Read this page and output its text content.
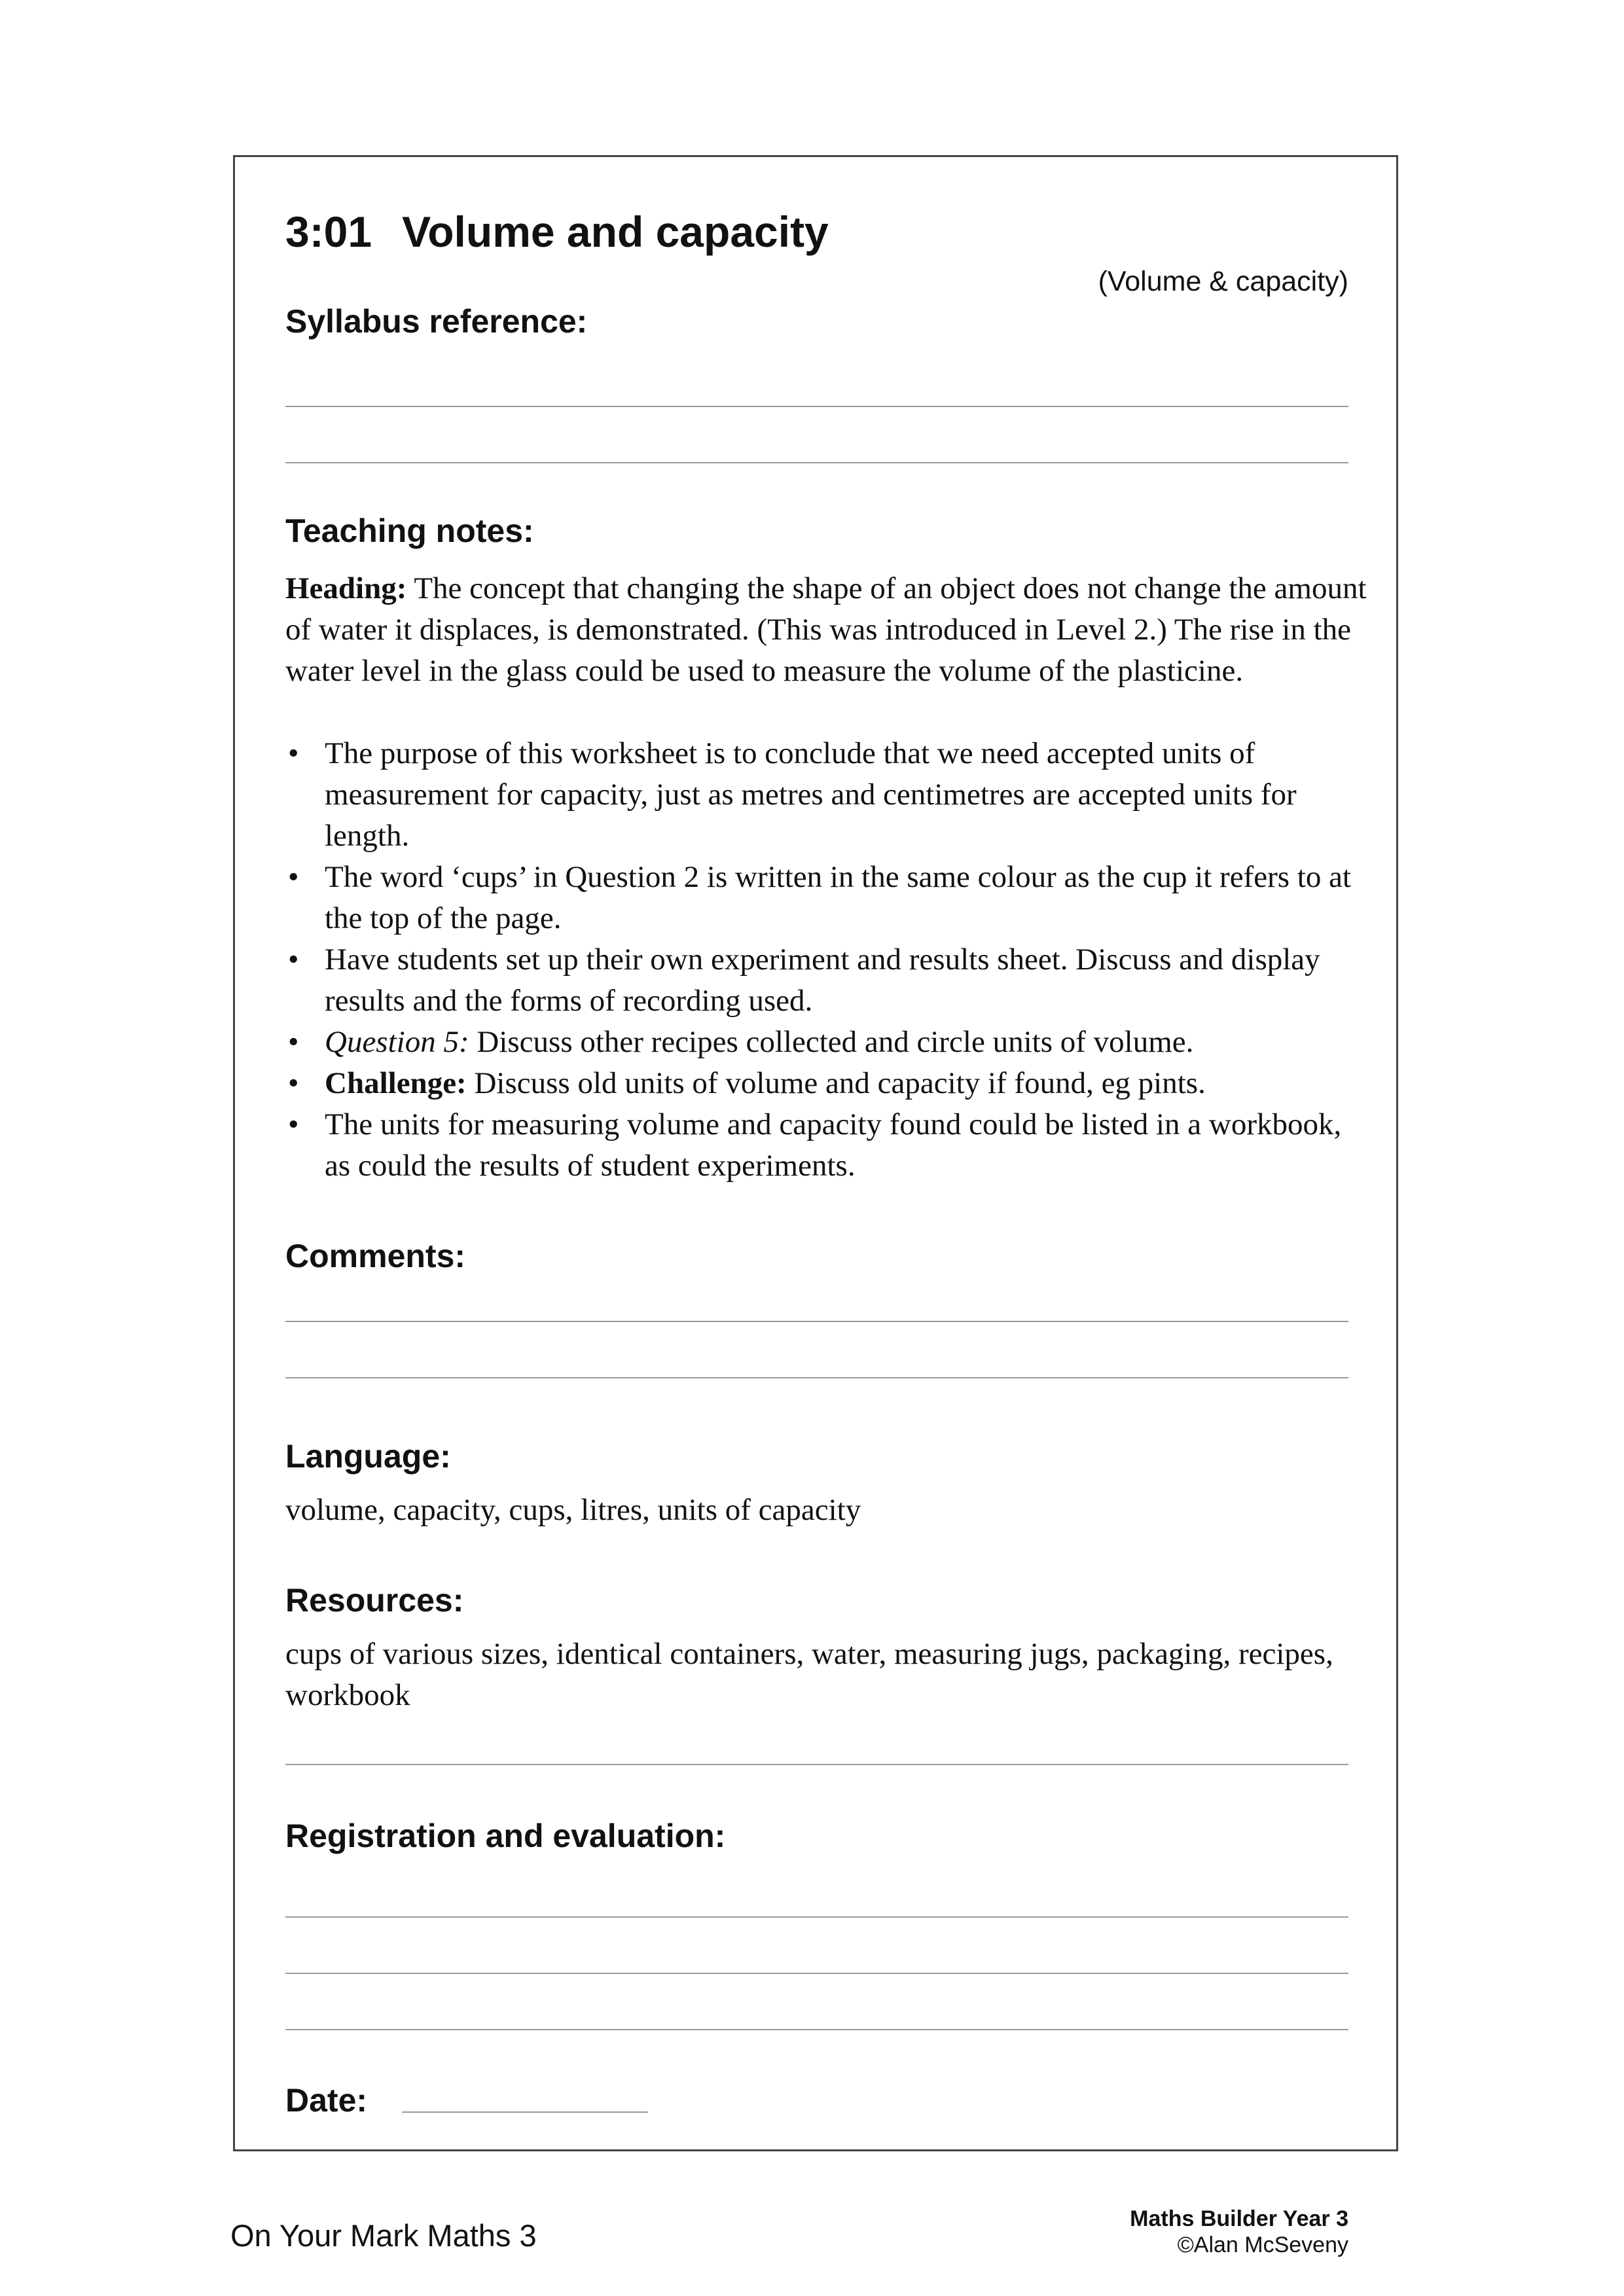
3:01 Volume and capacity
(Volume & capacity)
Syllabus reference:
Teaching notes:
Heading: The concept that changing the shape of an object does not change the amount of water it displaces, is demonstrated. (This was introduced in Level 2.) The rise in the water level in the glass could be used to measure the volume of the plasticine.
• The purpose of this worksheet is to conclude that we need accepted units of measurement for capacity, just as metres and centimetres are accepted units for length.
• The word ‘cups’ in Question 2 is written in the same colour as the cup it refers to at the top of the page.
• Have students set up their own experiment and results sheet. Discuss and display results and the forms of recording used.
• Question 5: Discuss other recipes collected and circle units of volume.
• Challenge: Discuss old units of volume and capacity if found, eg pints.
• The units for measuring volume and capacity found could be listed in a workbook, as could the results of student experiments.
Comments:
Language:
volume, capacity, cups, litres, units of capacity
Resources:
cups of various sizes, identical containers, water, measuring jugs, packaging, recipes, workbook
Registration and evaluation:
Date:
On Your Mark Maths 3	Maths Builder Year 3
©Alan McSeveny
